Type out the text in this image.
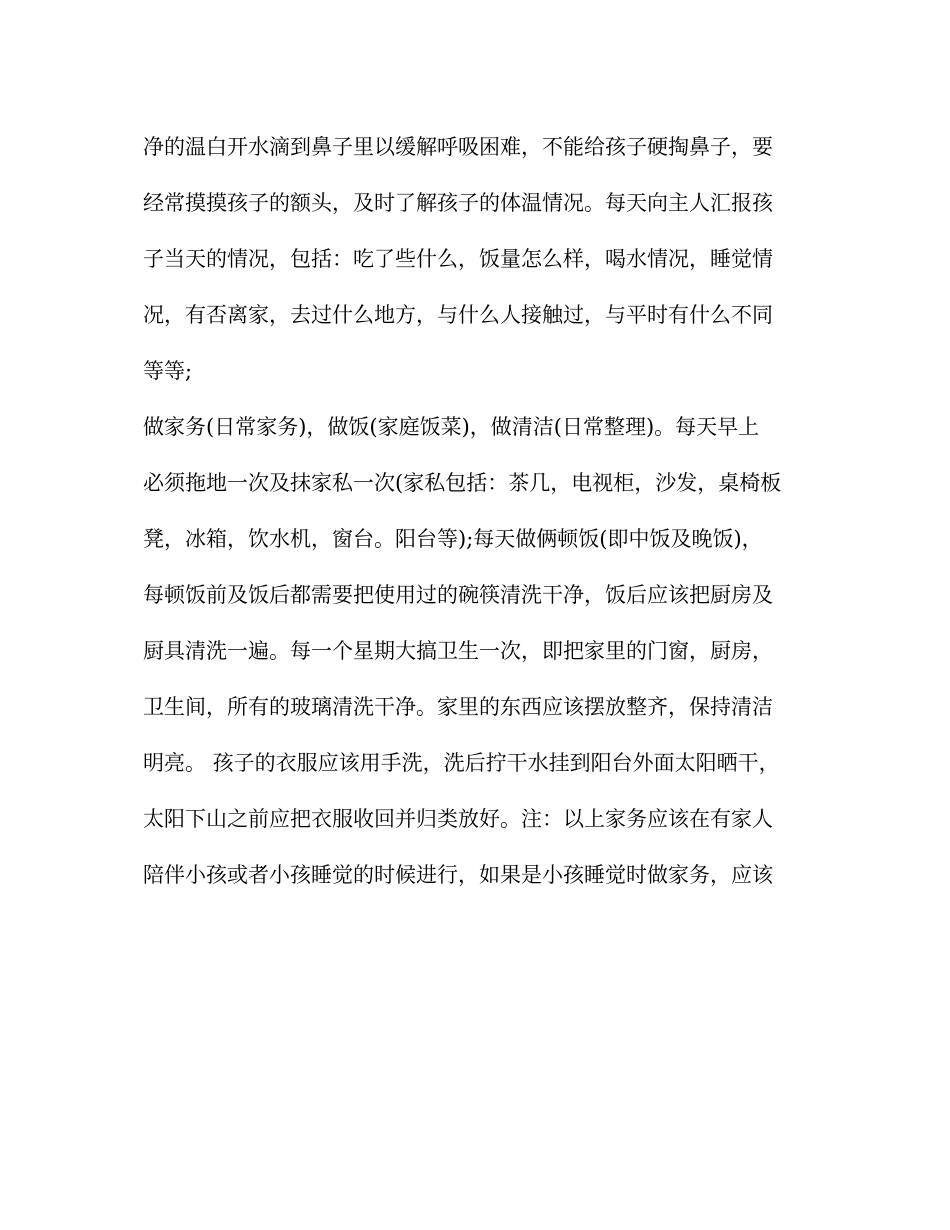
净的温白开水滴到鼻子里以缓解呼吸困难，不能给孩子硬掏鼻子，要
经常摸摸孩子的额头，及时了解孩子的体温情况。每天向主人汇报孩
子当天的情况，包括：吃了些什么，饭量怎么样，喝水情况，睡觉情
况，有否离家，去过什么地方，与什么人接触过，与平时有什么不同
等等;
做家务(日常家务)，做饭(家庭饭菜)，做清洁(日常整理)。每天早上
必须拖地一次及抹家私一次(家私包括：茶几，电视柜，沙发，桌椅板
凳，冰箱，饮水机，窗台。阳台等);每天做俩顿饭(即中饭及晚饭)，
每顿饭前及饭后都需要把使用过的碗筷清洗干净，饭后应该把厨房及
厨具清洗一遍。每一个星期大搞卫生一次，即把家里的门窗，厨房，
卫生间，所有的玻璃清洗干净。家里的东西应该摆放整齐，保持清洁
明亮。 孩子的衣服应该用手洗，洗后拧干水挂到阳台外面太阳晒干，
太阳下山之前应把衣服收回并归类放好。注：以上家务应该在有家人
陪伴小孩或者小孩睡觉的时候进行，如果是小孩睡觉时做家务，应该
